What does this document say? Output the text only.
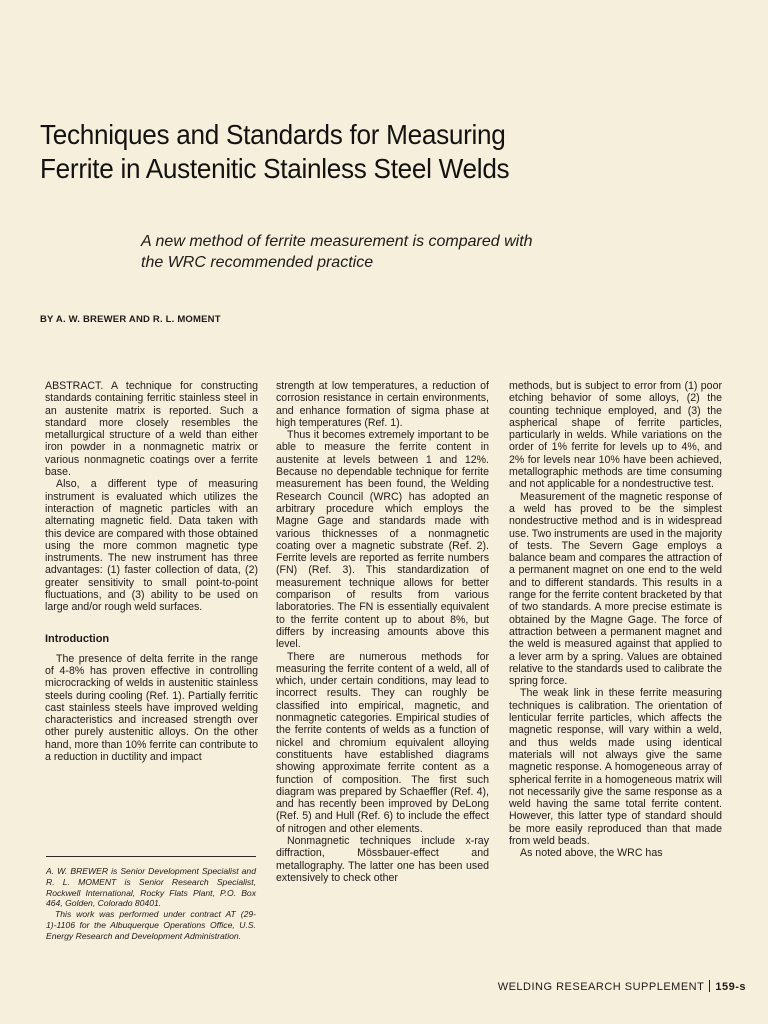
Techniques and Standards for Measuring
Ferrite in Austenitic Stainless Steel Welds

A new method of ferrite measurement is compared with
the WRC recommended practice

BY A. W. BREWER AND R. L. MOMENT

ABSTRACT. A technique for constructing standards containing ferritic stainless steel in an austenite matrix is reported. Such a standard more closely resembles the metallurgical structure of a weld than either iron powder in a nonmagnetic matrix or various nonmagnetic coatings over a ferrite base.

Also, a different type of measuring instrument is evaluated which utilizes the interaction of magnetic particles with an alternating magnetic field. Data taken with this device are compared with those obtained using the more common magnetic type instruments. The new instrument has three advantages: (1) faster collection of data, (2) greater sensitivity to small point-to-point fluctuations, and (3) ability to be used on large and/or rough weld surfaces.

Introduction

The presence of delta ferrite in the range of 4-8% has proven effective in controlling microcracking of welds in austenitic stainless steels during cooling (Ref. 1). Partially ferritic cast stainless steels have improved welding characteristics and increased strength over other purely austenitic alloys. On the other hand, more than 10% ferrite can contribute to a reduction in ductility and impact

A. W. BREWER is Senior Development Specialist and R. L. MOMENT is Senior Research Specialist, Rockwell International, Rocky Flats Plant, P.O. Box 464, Golden, Colorado 80401.

This work was performed under contract AT (29-1)-1106 for the Albuquerque Operations Office, U.S. Energy Research and Development Administration.

strength at low temperatures, a reduction of corrosion resistance in certain environments, and enhance formation of sigma phase at high temperatures (Ref. 1).

Thus it becomes extremely important to be able to measure the ferrite content in austenite at levels between 1 and 12%. Because no dependable technique for ferrite measurement has been found, the Welding Research Council (WRC) has adopted an arbitrary procedure which employs the Magne Gage and standards made with various thicknesses of a nonmagnetic coating over a magnetic substrate (Ref. 2). Ferrite levels are reported as ferrite numbers (FN) (Ref. 3). This standardization of measurement technique allows for better comparison of results from various laboratories. The FN is essentially equivalent to the ferrite content up to about 8%, but differs by increasing amounts above this level.

There are numerous methods for measuring the ferrite content of a weld, all of which, under certain conditions, may lead to incorrect results. They can roughly be classified into empirical, magnetic, and nonmagnetic categories. Empirical studies of the ferrite contents of welds as a function of nickel and chromium equivalent alloying constituents have established diagrams showing approximate ferrite content as a function of composition. The first such diagram was prepared by Schaeffler (Ref. 4), and has recently been improved by DeLong (Ref. 5) and Hull (Ref. 6) to include the effect of nitrogen and other elements.

Nonmagnetic techniques include x-ray diffraction, Mössbauer-effect and metallography. The latter one has been used extensively to check other

methods, but is subject to error from (1) poor etching behavior of some alloys, (2) the counting technique employed, and (3) the aspherical shape of ferrite particles, particularly in welds. While variations on the order of 1% ferrite for levels up to 4%, and 2% for levels near 10% have been achieved, metallographic methods are time consuming and not applicable for a nondestructive test.

Measurement of the magnetic response of a weld has proved to be the simplest nondestructive method and is in widespread use. Two instruments are used in the majority of tests. The Severn Gage employs a balance beam and compares the attraction of a permanent magnet on one end to the weld and to different standards. This results in a range for the ferrite content bracketed by that of two standards. A more precise estimate is obtained by the Magne Gage. The force of attraction between a permanent magnet and the weld is measured against that applied to a lever arm by a spring. Values are obtained relative to the standards used to calibrate the spring force.

The weak link in these ferrite measuring techniques is calibration. The orientation of lenticular ferrite particles, which affects the magnetic response, will vary within a weld, and thus welds made using identical materials will not always give the same magnetic response. A homogeneous array of spherical ferrite in a homogeneous matrix will not necessarily give the same response as a weld having the same total ferrite content. However, this latter type of standard should be more easily reproduced than that made from weld beads.

As noted above, the WRC has

WELDING RESEARCH SUPPLEMENT 159-s
